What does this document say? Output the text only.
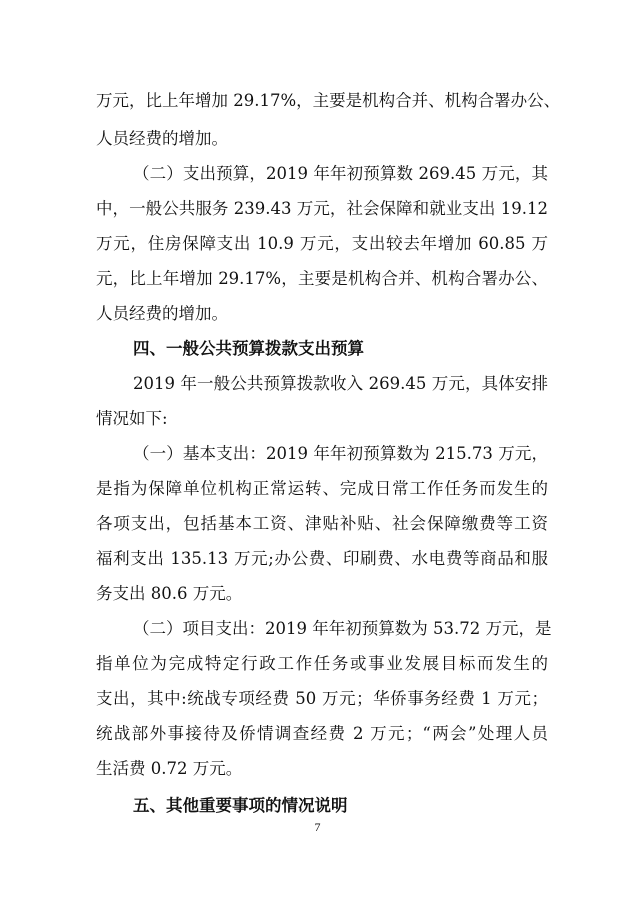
万元，比上年增加 29.17%，主要是机构合并、机构合署办公、
人员经费的增加。
（二）支出预算，2019 年年初预算数 269.45 万元，其
中，一般公共服务 239.43 万元，社会保障和就业支出 19.12
万元，住房保障支出 10.9 万元，支出较去年增加 60.85 万
元，比上年增加 29.17%，主要是机构合并、机构合署办公、
人员经费的增加。
四、一般公共预算拨款支出预算
2019 年一般公共预算拨款收入 269.45 万元，具体安排
情况如下:
（一）基本支出：2019 年年初预算数为 215.73 万元，
是指为保障单位机构正常运转、完成日常工作任务而发生的
各项支出，包括基本工资、津贴补贴、社会保障缴费等工资
福利支出 135.13 万元;办公费、印刷费、水电费等商品和服
务支出 80.6 万元。
（二）项目支出：2019 年年初预算数为 53.72 万元，是
指单位为完成特定行政工作任务或事业发展目标而发生的
支出，其中:统战专项经费 50 万元；华侨事务经费 1 万元；
统战部外事接待及侨情调查经费 2 万元；“两会”处理人员
生活费 0.72 万元。
五、其他重要事项的情况说明
7
